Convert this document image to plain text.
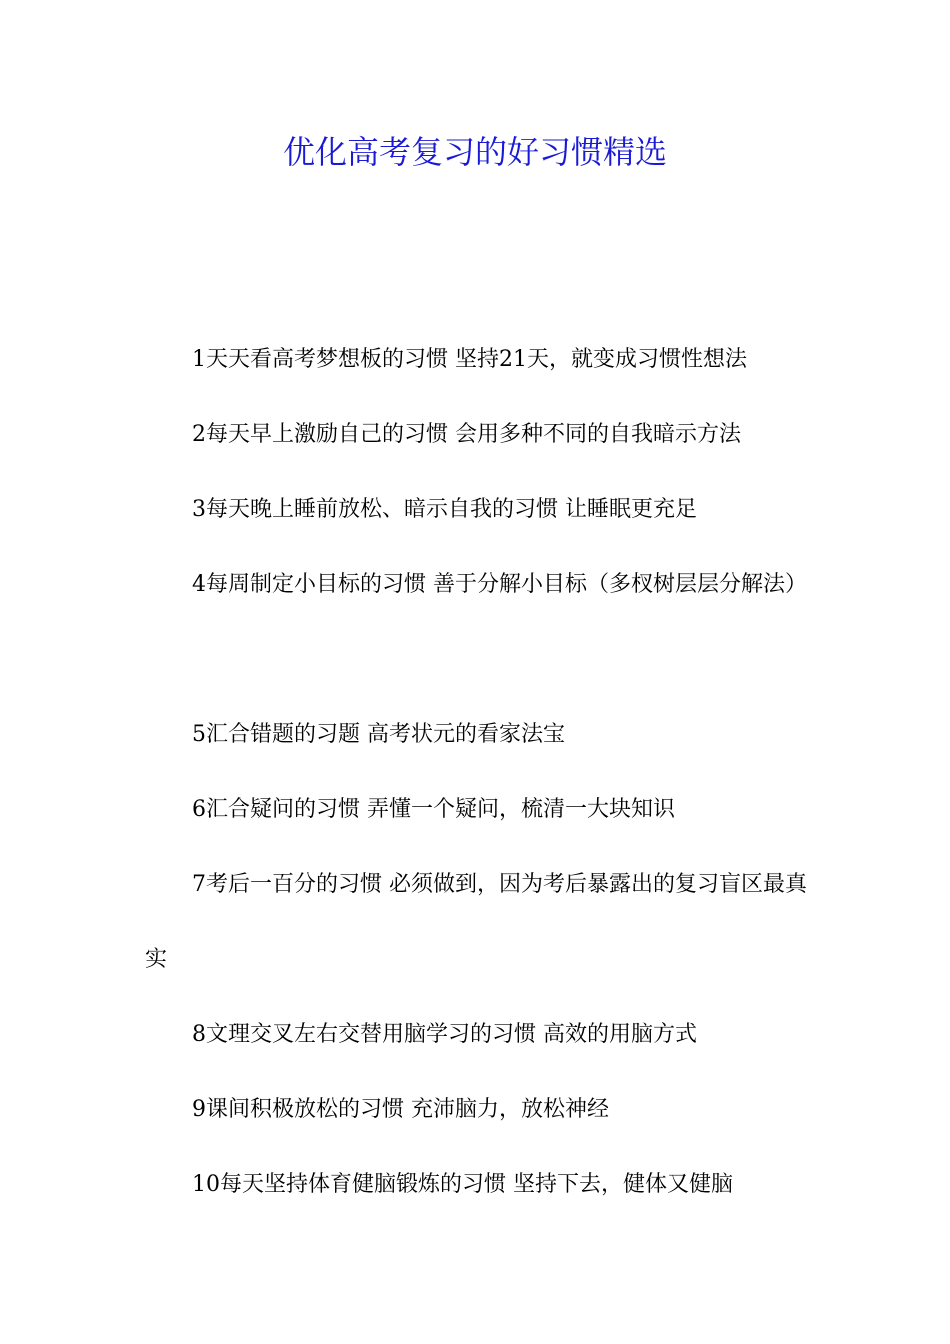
优化高考复习的好习惯精选

1天天看高考梦想板的习惯 坚持21天，就变成习惯性想法

2每天早上激励自己的习惯 会用多种不同的自我暗示方法

3每天晚上睡前放松、暗示自我的习惯 让睡眠更充足

4每周制定小目标的习惯 善于分解小目标（多杈树层层分解法）

5汇合错题的习题 高考状元的看家法宝

6汇合疑问的习惯 弄懂一个疑问，梳清一大块知识

7考后一百分的习惯 必须做到，因为考后暴露出的复习盲区最真实

8文理交叉左右交替用脑学习的习惯 高效的用脑方式

9课间积极放松的习惯 充沛脑力，放松神经

10每天坚持体育健脑锻炼的习惯 坚持下去，健体又健脑
